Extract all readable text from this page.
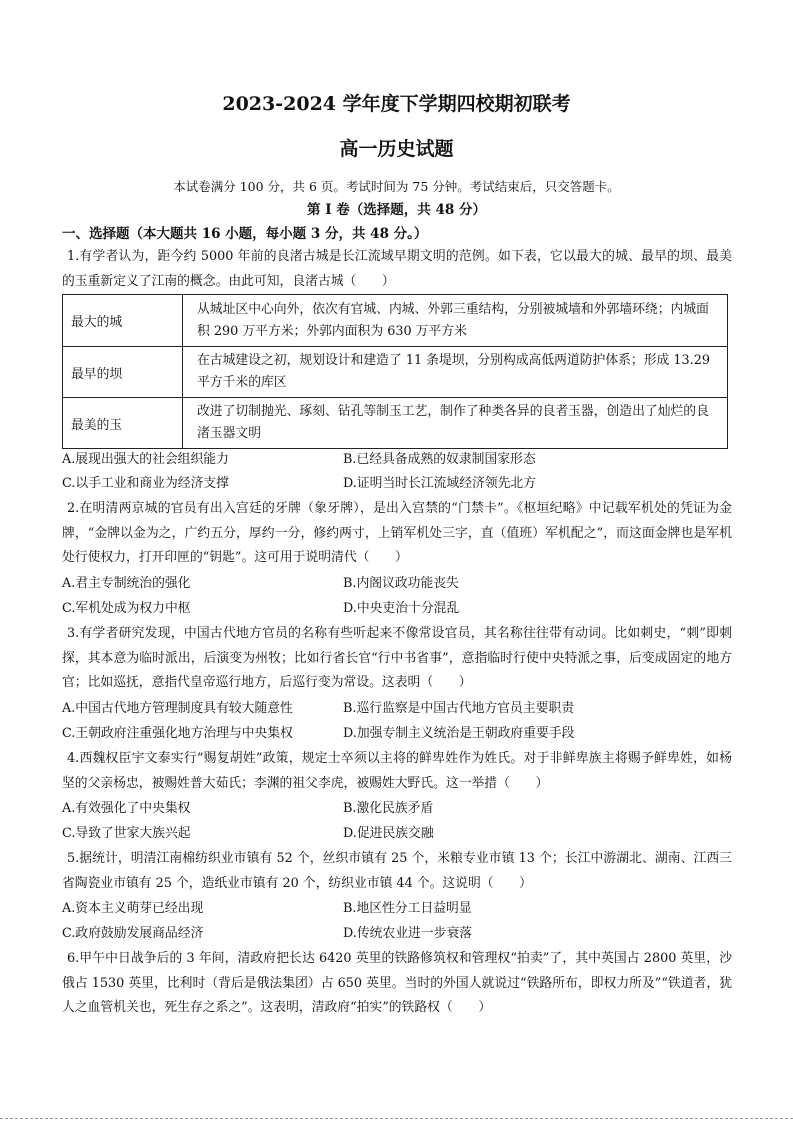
2023-2024 学年度下学期四校期初联考
高一历史试题
本试卷满分 100 分，共 6 页。考试时间为 75 分钟。考试结束后，只交答题卡。
第 I 卷（选择题，共 48 分）
一、选择题（本大题共 16 小题，每小题 3 分，共 48 分。）
1.有学者认为，距今约 5000 年前的良渚古城是长江流域早期文明的范例。如下表，它以最大的城、最早的坝、最美的玉重新定义了江南的概念。由此可知，良渚古城（　　）
最大的城	从城址区中心向外，依次有官城、内城、外郭三重结构，分别被城墙和外郭墙环绕；内城面积 290 万平方米；外郭内面积为 630 万平方米
最早的坝	在古城建设之初，规划设计和建造了 11 条堤坝，分别构成高低两道防护体系；形成 13.29 平方千米的库区
最美的玉	改进了切制抛光、琢刻、钻孔等制玉工艺，制作了种类各异的良者玉器，创造出了灿烂的良渚玉器文明
A.展现出强大的社会组织能力	B.已经具备成熟的奴隶制国家形态
C.以手工业和商业为经济支撑	D.证明当时长江流域经济领先北方
2.在明清两京城的官员有出入宫廷的牙牌（象牙牌），是出入宫禁的“门禁卡”。《枢垣纪略》中记载军机处的凭证为金牌，“金牌以金为之，广约五分，厚约一分，修约两寸，上销军机处三字，直（值班）军机配之”，而这面金牌也是军机处行使权力，打开印匣的“钥匙”。这可用于说明清代（　　）
A.君主专制统治的强化	B.内阁议政功能丧失
C.军机处成为权力中枢	D.中央吏治十分混乱
3.有学者研究发现，中国古代地方官员的名称有些听起来不像常设官员，其名称往往带有动词。比如刺史，“刺”即刺探，其本意为临时派出，后演变为州牧；比如行省长官“行中书省事”，意指临时行使中央特派之事，后变成固定的地方官；比如巡抚，意指代皇帝巡行地方，后巡行变为常设。这表明（　　）
A.中国古代地方管理制度具有较大随意性	B.巡行监察是中国古代地方官员主要职责
C.王朝政府注重强化地方治理与中央集权	D.加强专制主义统治是王朝政府重要手段
4.西魏权臣宇文泰实行“赐复胡姓”政策，规定士卒须以主将的鲜卑姓作为姓氏。对于非鲜卑族主将赐予鲜卑姓，如杨坚的父亲杨忠，被赐姓普大茹氏；李渊的祖父李虎，被赐姓大野氏。这一举措（　　）
A.有效强化了中央集权	B.激化民族矛盾
C.导致了世家大族兴起	D.促进民族交融
5.据统计，明清江南棉纺织业市镇有 52 个，丝织市镇有 25 个，米粮专业市镇 13 个；长江中游湖北、湖南、江西三省陶瓷业市镇有 25 个，造纸业市镇有 20 个，纺织业市镇 44 个。这说明（　　）
A.资本主义萌芽已经出现	B.地区性分工日益明显
C.政府鼓励发展商品经济	D.传统农业进一步衰落
6.甲午中日战争后的 3 年间，清政府把长达 6420 英里的铁路修筑权和管理权“拍卖”了，其中英国占 2800 英里，沙俄占 1530 英里，比利时（背后是俄法集团）占 650 英里。当时的外国人就说过“铁路所布，即权力所及”“铁道者，犹人之血管机关也，死生存之系之”。这表明，清政府“拍实”的铁路权（　　）
